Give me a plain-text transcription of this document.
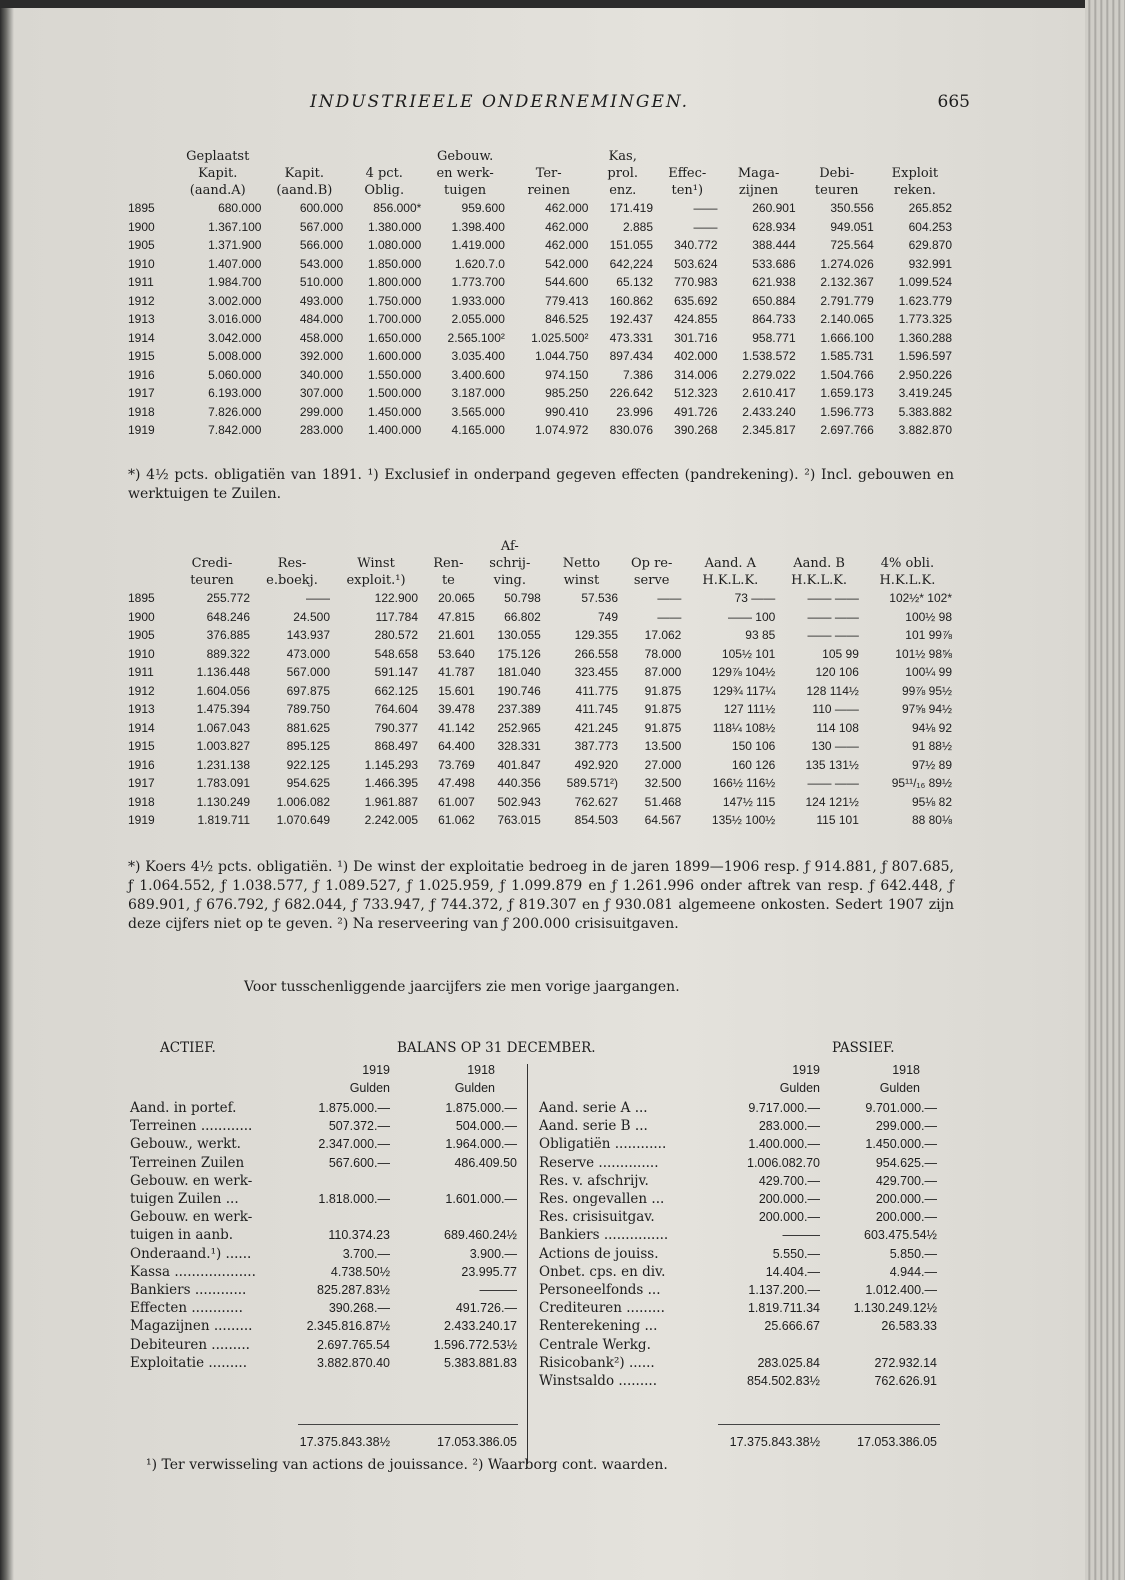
INDUSTRIEELE ONDERNEMINGEN.	665
	Geplaatst			Gebouw.		Kas,				
	Kapit.	Kapit.	4 pct.	en werk-	Ter-	prol.	Effec-	Maga-	Debi-	Exploit
	(aand.A)	(aand.B)	Oblig.	tuigen	reinen	enz.	ten¹)	zijnen	teuren	reken.
1895	680.000	600.000	856.000*	959.600	462.000	171.419	——	260.901	350.556	265.852
1900	1.367.100	567.000	1.380.000	1.398.400	462.000	2.885	——	628.934	949.051	604.253
1905	1.371.900	566.000	1.080.000	1.419.000	462.000	151.055	340.772	388.444	725.564	629.870
1910	1.407.000	543.000	1.850.000	1.620.7.0	542.000	642,224	503.624	533.686	1.274.026	932.991
1911	1.984.700	510.000	1.800.000	1.773.700	544.600	65.132	770.983	621.938	2.132.367	1.099.524
1912	3.002.000	493.000	1.750.000	1.933.000	779.413	160.862	635.692	650.884	2.791.779	1.623.779
1913	3.016.000	484.000	1.700.000	2.055.000	846.525	192.437	424.855	864.733	2.140.065	1.773.325
1914	3.042.000	458.000	1.650.000	2.565.100²	1.025.500²	473.331	301.716	958.771	1.666.100	1.360.288
1915	5.008.000	392.000	1.600.000	3.035.400	1.044.750	897.434	402.000	1.538.572	1.585.731	1.596.597
1916	5.060.000	340.000	1.550.000	3.400.600	974.150	7.386	314.006	2.279.022	1.504.766	2.950.226
1917	6.193.000	307.000	1.500.000	3.187.000	985.250	226.642	512.323	2.610.417	1.659.173	3.419.245
1918	7.826.000	299.000	1.450.000	3.565.000	990.410	23.996	491.726	2.433.240	1.596.773	5.383.882
1919	7.842.000	283.000	1.400.000	4.165.000	1.074.972	830.076	390.268	2.345.817	2.697.766	3.882.870
*) 4½ pcts. obligatiën van 1891. ¹) Exclusief in onderpand gegeven effecten (pandrekening). ²) Incl. gebouwen en werktuigen te Zuilen.
					Af-					
	Credi-	Res-	Winst	Ren-	schrij-	Netto	Op re-	Aand. A	Aand. B	4% obli.
	teuren	e.boekj.	exploit.¹)	te	ving.	winst	serve	H.K.L.K.	H.K.L.K.	H.K.L.K.
1895	255.772	——	122.900	20.065	50.798	57.536	——	73 ——	—— ——	102½* 102*
1900	648.246	24.500	117.784	47.815	66.802	749	——	—— 100	—— ——	100½ 98
1905	376.885	143.937	280.572	21.601	130.055	129.355	17.062	93 85	—— ——	101 99⅞
1910	889.322	473.000	548.658	53.640	175.126	266.558	78.000	105½ 101	105 99	101½ 98⅝
1911	1.136.448	567.000	591.147	41.787	181.040	323.455	87.000	129⅞ 104½	120 106	100¼ 99
1912	1.604.056	697.875	662.125	15.601	190.746	411.775	91.875	129¾ 117¼	128 114½	99⅞ 95½
1913	1.475.394	789.750	764.604	39.478	237.389	411.745	91.875	127 111½	110 ——	97⅝ 94½
1914	1.067.043	881.625	790.377	41.142	252.965	421.245	91.875	118¼ 108½	114 108	94⅛ 92
1915	1.003.827	895.125	868.497	64.400	328.331	387.773	13.500	150 106	130 ——	91 88½
1916	1.231.138	922.125	1.145.293	73.769	401.847	492.920	27.000	160 126	135 131½	97½ 89
1917	1.783.091	954.625	1.466.395	47.498	440.356	589.571²)	32.500	166½ 116½	—— ——	95¹¹/₁₆ 89½
1918	1.130.249	1.006.082	1.961.887	61.007	502.943	762.627	51.468	147½ 115	124 121½	95⅛ 82
1919	1.819.711	1.070.649	2.242.005	61.062	763.015	854.503	64.567	135½ 100½	115 101	88 80⅛
*) Koers 4½ pcts. obligatiën. ¹) De winst der exploitatie bedroeg in de jaren 1899—1906 resp. ƒ 914.881, ƒ 807.685, ƒ 1.064.552, ƒ 1.038.577, ƒ 1.089.527, ƒ 1.025.959, ƒ 1.099.879 en ƒ 1.261.996 onder aftrek van resp. ƒ 642.448, ƒ 689.901, ƒ 676.792, ƒ 682.044, ƒ 733.947, ƒ 744.372, ƒ 819.307 en ƒ 930.081 algemeene onkosten. Sedert 1907 zijn deze cijfers niet op te geven. ²) Na reserveering van ƒ 200.000 crisisuitgaven.
Voor tusschenliggende jaarcijfers zie men vorige jaargangen.
ACTIEF.	BALANS OP 31 DECEMBER.	PASSIEF.
1919	1918
Gulden	Gulden
1919	1918
Gulden	Gulden
Aand. in portef.	1.875.000.—	1.875.000.—
Terreinen ............	507.372.—	504.000.—
Gebouw., werkt.	2.347.000.—	1.964.000.—
Terreinen Zuilen	567.600.—	486.409.50
Gebouw. en werk-
tuigen Zuilen ...	1.818.000.—	1.601.000.—
Gebouw. en werk-
tuigen in aanb.	110.374.23	689.460.24½
Onderaand.¹) ......	3.700.—	3.900.—
Kassa ...................	4.738.50½	23.995.77
Bankiers ............	825.287.83½	———
Effecten ............	390.268.—	491.726.—
Magazijnen .........	2.345.816.87½	2.433.240.17
Debiteuren .........	2.697.765.54	1.596.772.53½
Exploitatie .........	3.882.870.40	5.383.881.83
Aand. serie A ...	9.717.000.—	9.701.000.—
Aand. serie B ...	283.000.—	299.000.—
Obligatiën ............	1.400.000.—	1.450.000.—
Reserve ..............	1.006.082.70	954.625.—
Res. v. afschrijv.	429.700.—	429.700.—
Res. ongevallen ...	200.000.—	200.000.—
Res. crisisuitgav.	200.000.—	200.000.—
Bankiers ...............	———	603.475.54½
Actions de jouiss.	5.550.—	5.850.—
Onbet. cps. en div.	14.404.—	4.944.—
Personeelfonds ...	1.137.200.—	1.012.400.—
Crediteuren .........	1.819.711.34	1.130.249.12½
Renterekening ...	25.666.67	26.583.33
Centrale Werkg.
Risicobank²) ......	283.025.84	272.932.14
Winstsaldo .........	854.502.83½	762.626.91
17.375.843.38½	17.053.386.05	17.375.843.38½	17.053.386.05
¹) Ter verwisseling van actions de jouissance. ²) Waarborg cont. waarden.
